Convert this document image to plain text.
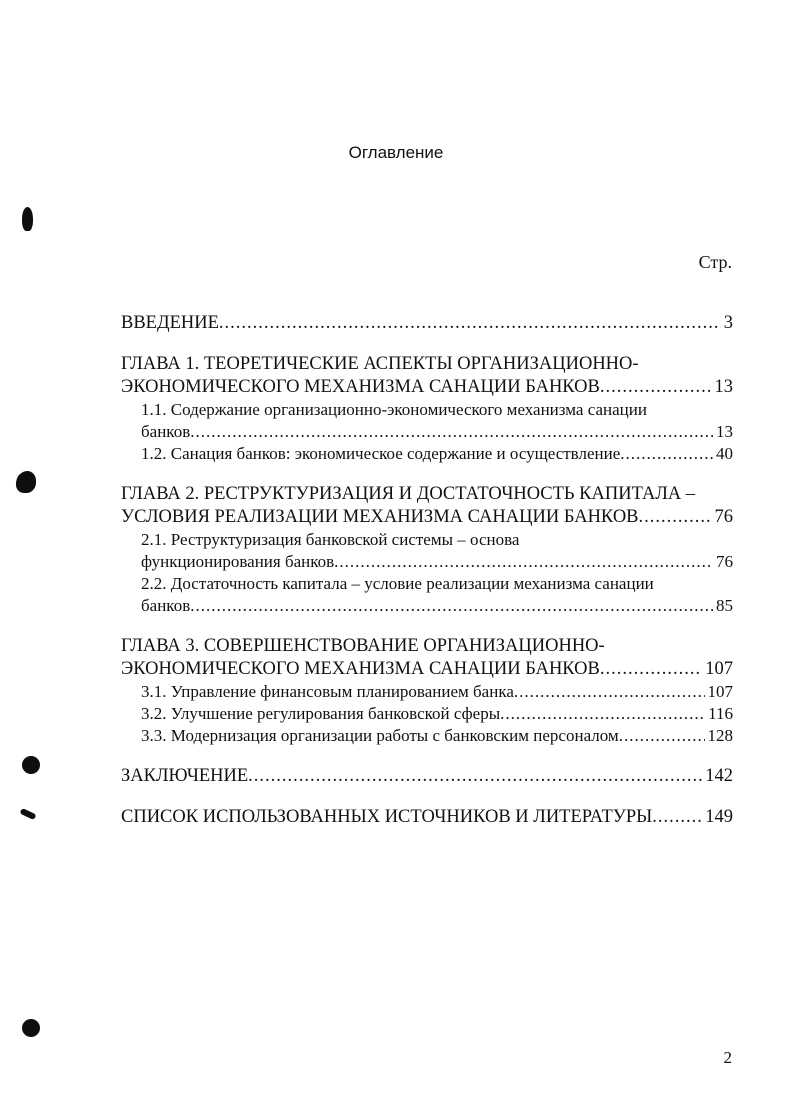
Оглавление
Стр.
ВВЕДЕНИЕ .....	3
ГЛАВА 1. ТЕОРЕТИЧЕСКИЕ АСПЕКТЫ ОРГАНИЗАЦИОННО-
ЭКОНОМИЧЕСКОГО МЕХАНИЗМА САНАЦИИ БАНКОВ .....	13
1.1. Содержание организационно-экономического механизма санации
банков .....	13
1.2. Санация банков: экономическое содержание и осуществление .....	40
ГЛАВА 2. РЕСТРУКТУРИЗАЦИЯ И ДОСТАТОЧНОСТЬ КАПИТАЛА –
УСЛОВИЯ РЕАЛИЗАЦИИ МЕХАНИЗМА САНАЦИИ БАНКОВ .....	76
2.1. Реструктуризация банковской системы – основа
функционирования банков .....	76
2.2. Достаточность капитала – условие реализации механизма санации
банков .....	85
ГЛАВА 3. СОВЕРШЕНСТВОВАНИЕ ОРГАНИЗАЦИОННО-
ЭКОНОМИЧЕСКОГО МЕХАНИЗМА САНАЦИИ БАНКОВ .....	107
3.1. Управление финансовым планированием банка .....	107
3.2. Улучшение регулирования банковской сферы .....	116
3.3. Модернизация организации работы с банковским персоналом .....	128
ЗАКЛЮЧЕНИЕ .....	142
СПИСОК ИСПОЛЬЗОВАННЫХ ИСТОЧНИКОВ И ЛИТЕРАТУРЫ .....	149
2
